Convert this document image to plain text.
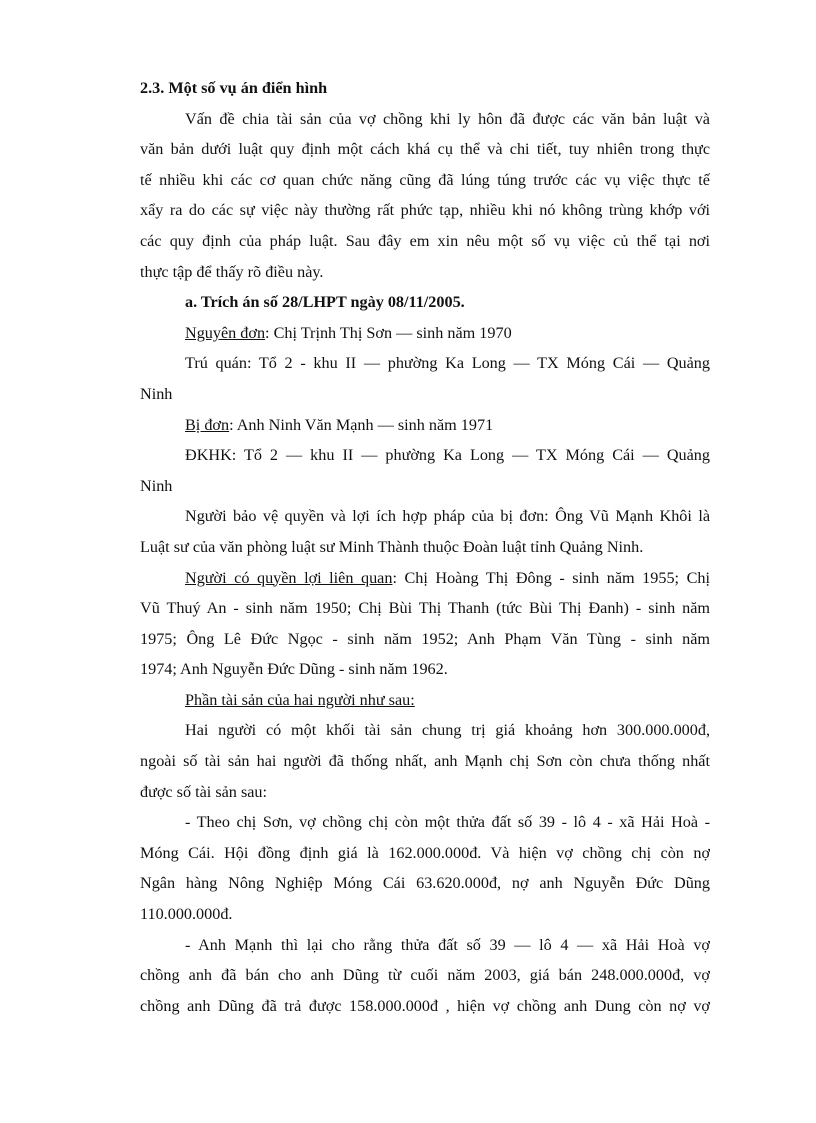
2.3. Một số vụ án điển hình

Vấn đề chia tài sản của vợ chồng khi ly hôn đã được các văn bản luật và

văn bản dưới luật quy định một cách khá cụ thể và chi tiết, tuy nhiên trong thực

tế nhiều khi các cơ quan chức năng cũng đã lúng túng trước các vụ việc thực tế

xẩy ra do các sự việc này thường rất phức tạp, nhiều khi nó không trùng khớp với

các quy định của pháp luật. Sau đây em xin nêu một số vụ việc củ thể tại nơi

thực tập để thấy rõ điều này.

a. Trích án số 28/LHPT ngày 08/11/2005.

Nguyên đơn: Chị Trịnh Thị Sơn — sinh năm 1970

Trú quán: Tổ 2 - khu II — phường Ka Long — TX Móng Cái — Quảng

Ninh

Bị đơn: Anh Ninh Văn Mạnh — sinh năm 1971

ĐKHK: Tổ 2 — khu II — phường Ka Long — TX Móng Cái — Quảng

Ninh

Người bảo vệ quyền và lợi ích hợp pháp của bị đơn: Ông Vũ Mạnh Khôi là

Luật sư của văn phòng luật sư Minh Thành thuộc Đoàn luật tỉnh Quảng Ninh.

Người có quyền lợi liên quan: Chị Hoàng Thị Đông - sinh năm 1955; Chị

Vũ Thuý An - sinh năm 1950; Chị Bùi Thị Thanh (tức Bùi Thị Đanh) - sinh năm

1975; Ông Lê Đức Ngọc - sinh năm 1952; Anh Phạm Văn Tùng - sinh năm

1974; Anh Nguyễn Đức Dũng - sinh năm 1962.

Phần tài sản của hai người như sau:

Hai người có một khối tài sản chung trị giá khoảng hơn 300.000.000đ,

ngoài số tài sản hai người đã thống nhất, anh Mạnh chị Sơn còn chưa thống nhất

được số tài sản sau:

- Theo chị Sơn, vợ chồng chị còn một thửa đất số 39 - lô 4 - xã Hải Hoà -

Móng Cái. Hội đồng định giá là 162.000.000đ. Và hiện vợ chồng chị còn nợ

Ngân hàng Nông Nghiệp Móng Cái 63.620.000đ, nợ anh Nguyễn Đức Dũng

110.000.000đ.

- Anh Mạnh thì lại cho rằng thửa đất số 39 — lô 4 — xã Hải Hoà vợ

chồng anh đã bán cho anh Dũng từ cuối năm 2003, giá bán 248.000.000đ, vợ

chồng anh Dũng đã trả được 158.000.000đ , hiện vợ chồng anh Dung còn nợ vợ
